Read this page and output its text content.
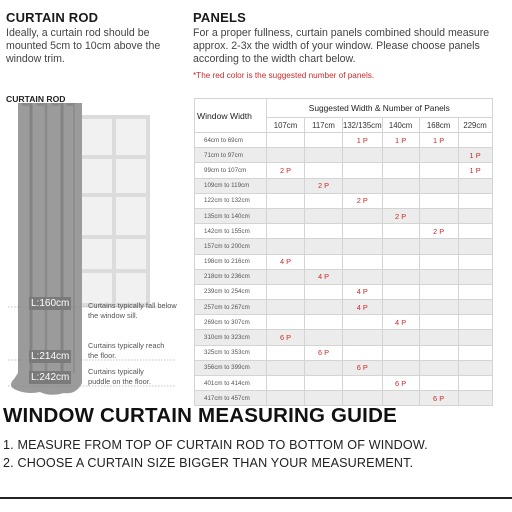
CURTAIN ROD
Ideally, a curtain rod should be mounted 5cm to 10cm above the window trim.
PANELS
For a proper fullness, curtain panels combined should measure approx. 2-3x the width of your window. Please choose panels according to the width chart below.
*The red color is the suggested number of panels.
CURTAIN ROD
L:160cm	Curtains typically fall below the window sill.
L:214cm
Curtains typically reach the floor.
L:242cm
Curtains typically puddle on the floor.
Window Width	Suggested Width & Number of Panels					
	107cm	117cm	132/135cm	140cm	168cm	229cm
64cm to 69cm			1 P	1 P	1 P	
71cm to 97cm						1 P
99cm to 107cm	2 P					1 P
109cm to 119cm		2 P				
122cm to 132cm			2 P			
135cm to 140cm				2 P		
142cm to 155cm					2 P	
157cm to 200cm						
198cm to 216cm	4 P					
218cm to 236cm		4 P				
239cm to 254cm			4 P			
257cm to 267cm			4 P			
269cm to 307cm				4 P		
310cm to 323cm	6 P					
325cm to 353cm		6 P				
356cm to 399cm			6 P			
401cm to 414cm				6 P		
417cm to 457cm					6 P	
WINDOW CURTAIN MEASURING GUIDE
1. MEASURE FROM TOP OF CURTAIN ROD TO BOTTOM OF WINDOW.
2. CHOOSE A CURTAIN SIZE BIGGER THAN YOUR MEASUREMENT.
